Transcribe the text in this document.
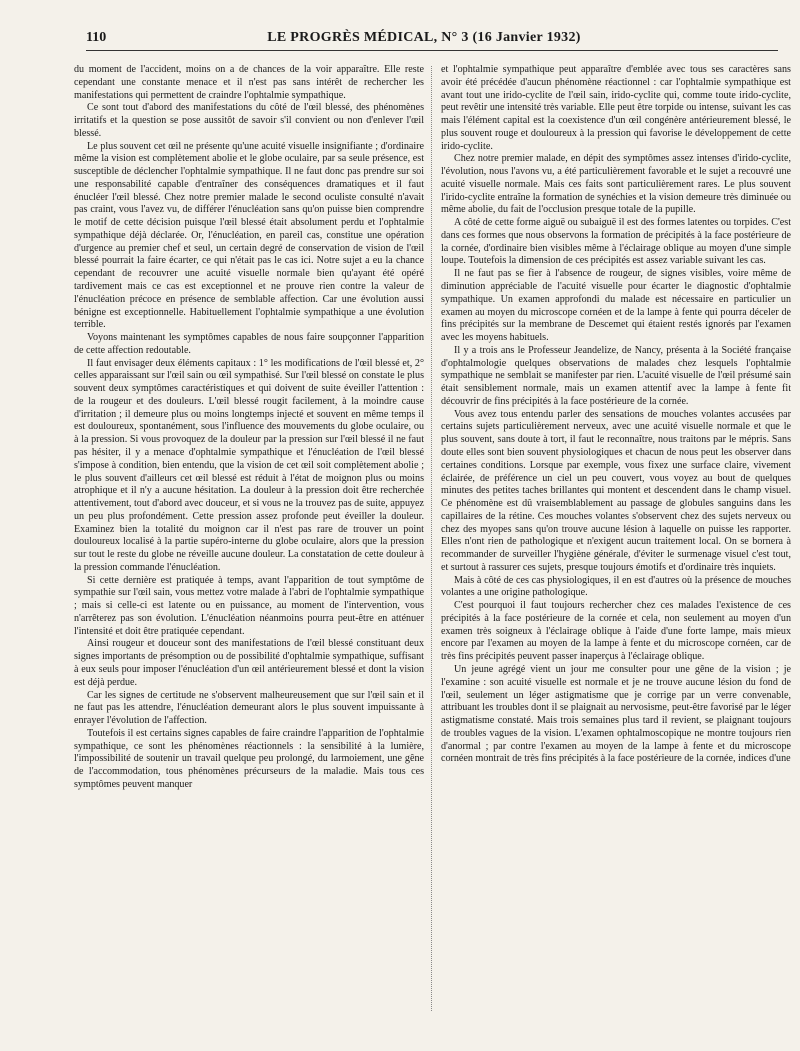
110	LE PROGRÈS MÉDICAL, N° 3 (16 Janvier 1932)

du moment de l'accident, moins on a de chances de la voir apparaître. Elle reste cependant une constante menace et il n'est pas sans intérêt de rechercher les manifestations qui permettent de craindre l'ophtalmie sympathique.

Ce sont tout d'abord des manifestations du côté de l'œil blessé, des phénomènes irritatifs et la question se pose aussitôt de savoir s'il convient ou non d'enlever l'œil blessé.

Le plus souvent cet œil ne présente qu'une acuité visuelle insignifiante ; d'ordinaire même la vision est complètement abolie et le globe oculaire, par sa seule présence, est susceptible de déclencher l'ophtalmie sympathique. Il ne faut donc pas prendre sur soi une responsabilité capable d'entraîner des conséquences dramatiques et il faut énucléer l'œil blessé. Chez notre premier malade le second oculiste consulté n'avait pas craint, vous l'avez vu, de différer l'énucléation sans qu'on puisse bien comprendre le motif de cette décision puisque l'œil blessé était absolument perdu et l'ophtalmie sympathique déjà déclarée. Or, l'énucléation, en pareil cas, constitue une opération d'urgence au premier chef et seul, un certain degré de conservation de vision de l'œil blessé pourrait la faire écarter, ce qui n'était pas le cas ici. Notre sujet a eu la chance cependant de recouvrer une acuité visuelle normale bien qu'ayant été opéré tardivement mais ce cas est exceptionnel et ne prouve rien contre la valeur de l'énucléation précoce en présence de semblable affection. Car une évolution aussi bénigne est exceptionnelle. Habituellement l'ophtalmie sympathique a une évolution terrible.

Voyons maintenant les symptômes capables de nous faire soupçonner l'apparition de cette affection redoutable.

Il faut envisager deux éléments capitaux : 1° les modifications de l'œil blessé et, 2° celles apparaissant sur l'œil sain ou œil sympathisé. Sur l'œil blessé on constate le plus souvent deux symptômes caractéristiques et qui doivent de suite éveiller l'attention : de la rougeur et des douleurs. L'œil blessé rougit facilement, à la moindre cause d'irritation ; il demeure plus ou moins longtemps injecté et souvent en même temps il est douloureux, spontanément, sous l'influence des mouvements du globe oculaire, ou à la pression. Si vous provoquez de la douleur par la pression sur l'œil blessé il ne faut pas hésiter, il y a menace d'ophtalmie sympathique et l'énucléation de l'œil blessé s'impose à condition, bien entendu, que la vision de cet œil soit complètement abolie ; le plus souvent d'ailleurs cet œil blessé est réduit à l'état de moignon plus ou moins atrophique et il n'y a aucune hésitation. La douleur à la pression doit être recherchée attentivement, tout d'abord avec douceur, et si vous ne la trouvez pas de suite, appuyez un peu plus profondément. Cette pression assez profonde peut éveiller la douleur. Examinez bien la totalité du moignon car il n'est pas rare de trouver un point douloureux localisé à la partie supéro-interne du globe oculaire, alors que la pression sur tout le reste du globe ne réveille aucune douleur. La constatation de cette douleur à la pression commande l'énucléation.

Si cette dernière est pratiquée à temps, avant l'apparition de tout symptôme de sympathie sur l'œil sain, vous mettez votre malade à l'abri de l'ophtalmie sympathique ; mais si celle-ci est latente ou en puissance, au moment de l'intervention, vous n'arrêterez pas son évolution. L'énucléation néanmoins pourra peut-être en atténuer l'intensité et doit être pratiquée cependant.

Ainsi rougeur et douceur sont des manifestations de l'œil blessé constituant deux signes importants de présomption ou de possibilité d'ophtalmie sympathique, suffisant à eux seuls pour imposer l'énucléation d'un œil antérieurement blessé et dont la vision est déjà perdue.

Car les signes de certitude ne s'observent malheureusement que sur l'œil sain et il ne faut pas les attendre, l'énucléation demeurant alors le plus souvent impuissante à enrayer l'évolution de l'affection.

Toutefois il est certains signes capables de faire craindre l'apparition de l'ophtalmie sympathique, ce sont les phénomènes réactionnels : la sensibilité à la lumière, l'impossibilité de soutenir un travail quelque peu prolongé, du larmoiement, une gêne de l'accommodation, tous phénomènes précurseurs de la maladie. Mais tous ces symptômes peuvent manquer

et l'ophtalmie sympathique peut apparaître d'emblée avec tous ses caractères sans avoir été précédée d'aucun phénomène réactionnel : car l'ophtalmie sympathique est avant tout une irido-cyclite de l'œil sain, irido-cyclite qui, comme toute irido-cyclite, peut revêtir une intensité très variable. Elle peut être torpide ou intense, suivant les cas mais l'élément capital est la coexistence d'un œil congénère antérieurement blessé, le plus souvent rouge et douloureux à la pression qui favorise le développement de cette irido-cyclite.

Chez notre premier malade, en dépit des symptômes assez intenses d'irido-cyclite, l'évolution, nous l'avons vu, a été particulièrement favorable et le sujet a recouvré une acuité visuelle normale. Mais ces faits sont particulièrement rares. Le plus souvent l'irido-cyclite entraîne la formation de synéchies et la vision demeure très diminuée ou même abolie, du fait de l'occlusion presque totale de la pupille.

A côté de cette forme aiguë ou subaiguë il est des formes latentes ou torpides. C'est dans ces formes que nous observons la formation de précipités à la face postérieure de la cornée, d'ordinaire bien visibles même à l'éclairage oblique au moyen d'une simple loupe. Toutefois la dimension de ces précipités est assez variable suivant les cas.

Il ne faut pas se fier à l'absence de rougeur, de signes visibles, voire même de diminution appréciable de l'acuité visuelle pour écarter le diagnostic d'ophtalmie sympathique. Un examen approfondi du malade est nécessaire en particulier un examen au moyen du microscope cornéen et de la lampe à fente qui pourra déceler de fins précipités sur la membrane de Descemet qui étaient restés ignorés par l'examen avec les moyens habituels.

Il y a trois ans le Professeur Jeandelize, de Nancy, présenta à la Société française d'ophtalmologie quelques observations de malades chez lesquels l'ophtalmie sympathique ne semblait se manifester par rien. L'acuité visuelle de l'œil présumé sain était sensiblement normale, mais un examen attentif avec la lampe à fente fit découvrir de fins précipités à la face postérieure de la cornée.

Vous avez tous entendu parler des sensations de mouches volantes accusées par certains sujets particulièrement nerveux, avec une acuité visuelle normale et que le plus souvent, sans doute à tort, il faut le reconnaître, nous traitons par le mépris. Sans doute elles sont bien souvent physiologiques et chacun de nous peut les observer dans certaines conditions. Lorsque par exemple, vous fixez une surface claire, vivement éclairée, de préférence un ciel un peu couvert, vous voyez au bout de quelques minutes des petites taches brillantes qui montent et descendent dans le champ visuel. Ce phénomène est dû vraisemblablement au passage de globules sanguins dans les capillaires de la rétine. Ces mouches volantes s'observent chez des sujets nerveux ou chez des myopes sans qu'on trouve aucune lésion à laquelle on puisse les rapporter. Elles n'ont rien de pathologique et n'exigent aucun traitement local. On se bornera à recommander de surveiller l'hygiène générale, d'éviter le surmenage visuel c'est tout, et surtout à rassurer ces sujets, presque toujours émotifs et d'ordinaire très inquiets.

Mais à côté de ces cas physiologiques, il en est d'autres où la présence de mouches volantes a une origine pathologique.

C'est pourquoi il faut toujours rechercher chez ces malades l'existence de ces précipités à la face postérieure de la cornée et cela, non seulement au moyen d'un examen très soigneux à l'éclairage oblique à l'aide d'une forte lampe, mais mieux encore par l'examen au moyen de la lampe à fente et du microscope cornéen, car de très fins précipités peuvent passer inaperçus à l'éclairage oblique.

Un jeune agrégé vient un jour me consulter pour une gêne de la vision ; je l'examine : son acuité visuelle est normale et je ne trouve aucune lésion du fond de l'œil, seulement un léger astigmatisme que je corrige par un verre convenable, attribuant les troubles dont il se plaignait au nervosisme, peut-être favorisé par le léger astigmatisme constaté. Mais trois semaines plus tard il revient, se plaignant toujours de troubles vagues de la vision. L'examen ophtalmoscopique ne montre toujours rien d'anormal ; par contre l'examen au moyen de la lampe à fente et du microscope cornéen montrait de très fins précipités à la face postérieure de la cornée, indices d'une
